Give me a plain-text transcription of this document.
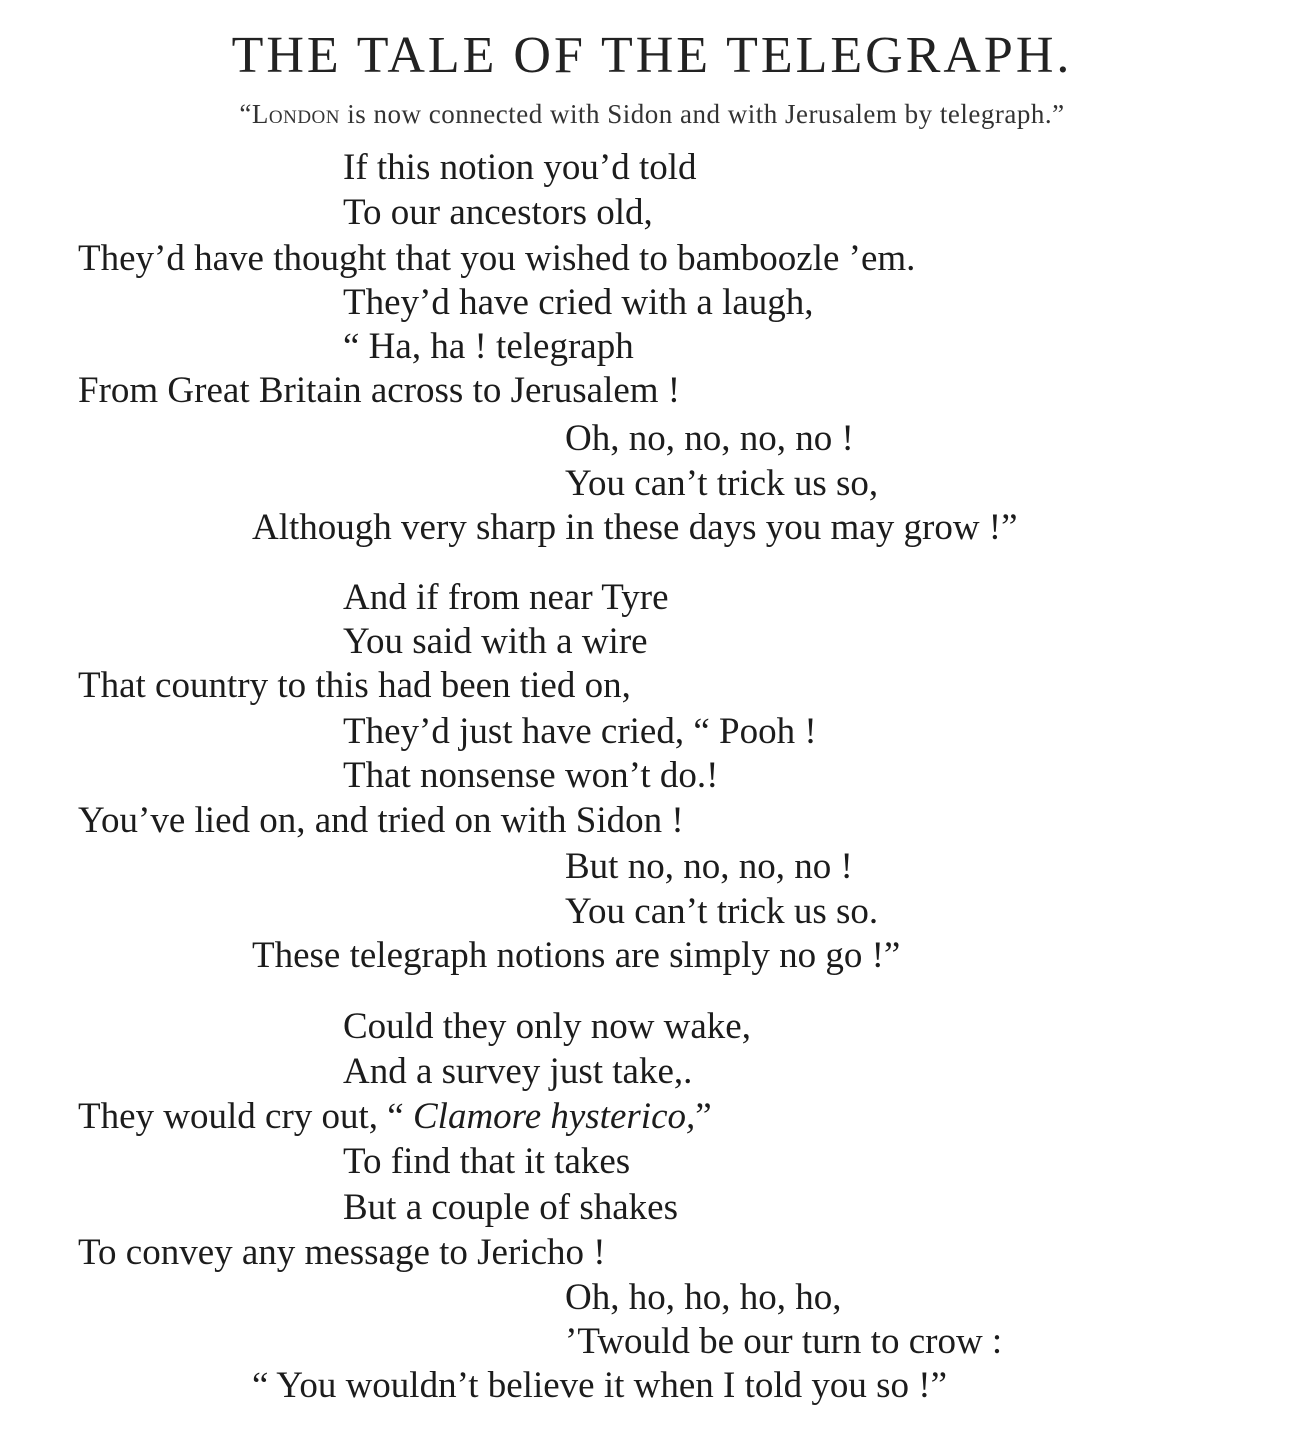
THE TALE OF THE TELEGRAPH.
“London is now connected with Sidon and with Jerusalem by telegraph.”
If this notion you’d told
To our ancestors old,
They’d have thought that you wished to bamboozle ’em.
They’d have cried with a laugh,
“ Ha, ha ! telegraph
From Great Britain across to Jerusalem !
Oh, no, no, no, no !
You can’t trick us so,
Although very sharp in these days you may grow !”
And if from near Tyre
You said with a wire
That country to this had been tied on,
They’d just have cried, “ Pooh !
That nonsense won’t do.!
You’ve lied on, and tried on with Sidon !
But no, no, no, no !
You can’t trick us so.
These telegraph notions are simply no go !”
Could they only now wake,
And a survey just take,.
They would cry out, “ Clamore hysterico,”
To find that it takes
But a couple of shakes
To convey any message to Jericho !
Oh, ho, ho, ho, ho,
’Twould be our turn to crow :
“ You wouldn’t believe it when I told you so !”
